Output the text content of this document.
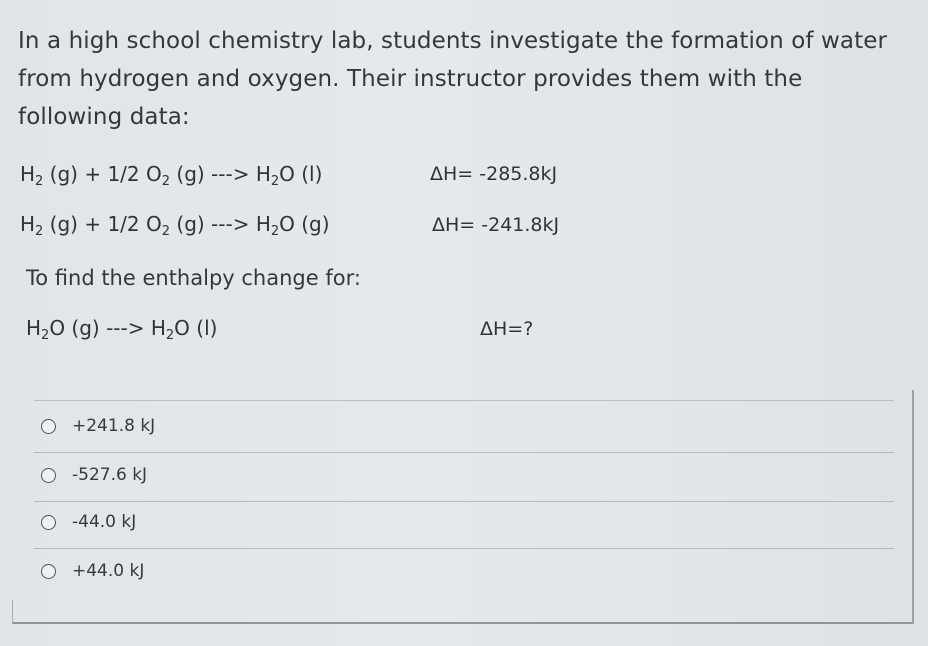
In a high school chemistry lab, students investigate the formation of water from hydrogen and oxygen. Their instructor provides them with the following data:
$H_2$ (g) + 1/2 $O_2$ (g) ---> $H_2O$ (l)	ΔH= -285.8kJ
$H_2$ (g) + 1/2 $O_2$ (g) ---> $H_2O$ (g)	ΔH= -241.8kJ
To find the enthalpy change for:
$H_2O$ (g) ---> $H_2O$ (l)	ΔH=?
+241.8 kJ
-527.6 kJ
-44.0 kJ
+44.0 kJ
